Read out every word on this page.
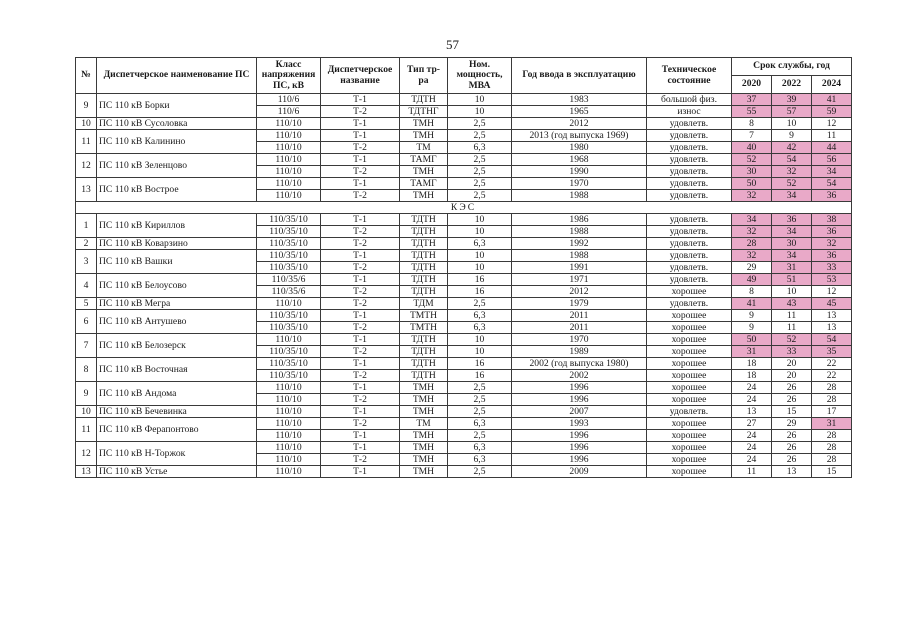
57
№	Диспетчерское наименование ПС	Класс напряжения ПС, кВ	Диспетчерское название	Тип тр-ра	Ном. мощность, МВА	Год ввода в эксплуатацию	Техническое состояние	Срок службы, год		
								2020	2022	2024
9	ПС 110 кВ Борки	110/6	Т-1	ТДТН	10	1983	большой физ.	37	39	41
		110/6	Т-2	ТДТНГ	10	1965	износ	55	57	59
10	ПС 110 кВ Сусоловка	110/10	Т-1	ТМН	2,5	2012	удовлетв.	8	10	12
11	ПС 110 кВ Калинино	110/10	Т-1	ТМН	2,5	2013 (год выпуска 1969)	удовлетв.	7	9	11
		110/10	Т-2	ТМ	6,3	1980	удовлетв.	40	42	44
12	ПС 110 кВ Зеленцово	110/10	Т-1	ТАМГ	2,5	1968	удовлетв.	52	54	56
		110/10	Т-2	ТМН	2,5	1990	удовлетв.	30	32	34
13	ПС 110 кВ Вострое	110/10	Т-1	ТАМГ	2,5	1970	удовлетв.	50	52	54
		110/10	Т-2	ТМН	2,5	1988	удовлетв.	32	34	36
КЭС										
1	ПС 110 кВ Кириллов	110/35/10	Т-1	ТДТН	10	1986	удовлетв.	34	36	38
		110/35/10	Т-2	ТДТН	10	1988	удовлетв.	32	34	36
2	ПС 110 кВ Коварзино	110/35/10	Т-2	ТДТН	6,3	1992	удовлетв.	28	30	32
3	ПС 110 кВ Вашки	110/35/10	Т-1	ТДТН	10	1988	удовлетв.	32	34	36
		110/35/10	Т-2	ТДТН	10	1991	удовлетв.	29	31	33
4	ПС 110 кВ Белоусово	110/35/6	Т-1	ТДТН	16	1971	удовлетв.	49	51	53
		110/35/6	Т-2	ТДТН	16	2012	хорошее	8	10	12
5	ПС 110 кВ Мегра	110/10	Т-2	ТДМ	2,5	1979	удовлетв.	41	43	45
6	ПС 110 кВ Антушево	110/35/10	Т-1	ТМТН	6,3	2011	хорошее	9	11	13
		110/35/10	Т-2	ТМТН	6,3	2011	хорошее	9	11	13
7	ПС 110 кВ Белозерск	110/10	Т-1	ТДТН	10	1970	хорошее	50	52	54
		110/35/10	Т-2	ТДТН	10	1989	хорошее	31	33	35
8	ПС 110 кВ Восточная	110/35/10	Т-1	ТДТН	16	2002 (год выпуска 1980)	хорошее	18	20	22
		110/35/10	Т-2	ТДТН	16	2002	хорошее	18	20	22
9	ПС 110 кВ Андома	110/10	Т-1	ТМН	2,5	1996	хорошее	24	26	28
		110/10	Т-2	ТМН	2,5	1996	хорошее	24	26	28
10	ПС 110 кВ Бечевинка	110/10	Т-1	ТМН	2,5	2007	удовлетв.	13	15	17
11	ПС 110 кВ Ферапонтово	110/10	Т-2	ТМ	6,3	1993	хорошее	27	29	31
		110/10	Т-1	ТМН	2,5	1996	хорошее	24	26	28
12	ПС 110 кВ Н-Торжок	110/10	Т-1	ТМН	6,3	1996	хорошее	24	26	28
		110/10	Т-2	ТМН	6,3	1996	хорошее	24	26	28
13	ПС 110 кВ Устье	110/10	Т-1	ТМН	2,5	2009	хорошее	11	13	15
